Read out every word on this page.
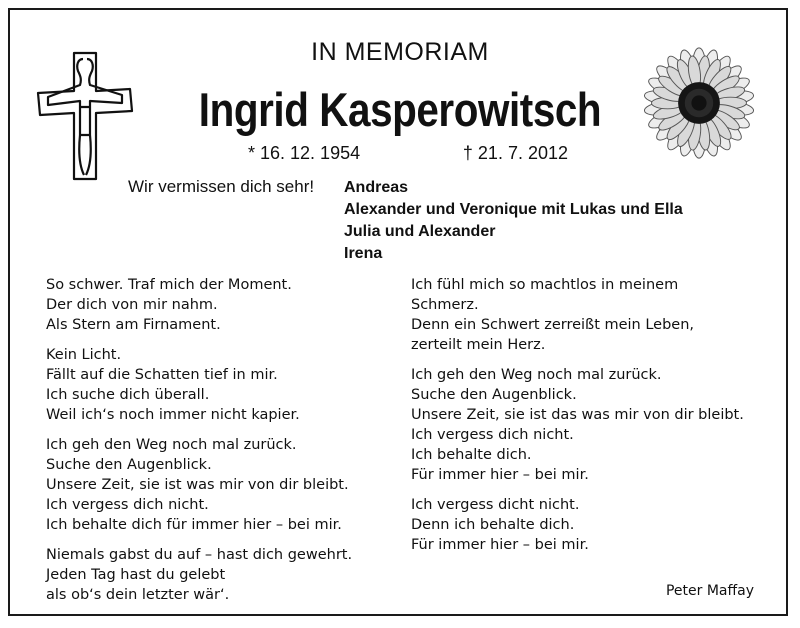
IN MEMORIAM
Ingrid Kasperowitsch
* 16. 12. 1954	† 21. 7. 2012
Wir vermissen dich sehr! Andreas
Alexander und Veronique mit Lukas und Ella
Julia und Alexander
Irena
So schwer. Traf mich der Moment.
Der dich von mir nahm.
Als Stern am Firnament.
Kein Licht.
Fällt auf die Schatten tief in mir.
Ich suche dich überall.
Weil ich‘s noch immer nicht kapier.
Ich geh den Weg noch mal zurück.
Suche den Augenblick.
Unsere Zeit, sie ist was mir von dir bleibt.
Ich vergess dich nicht.
Ich behalte dich für immer hier – bei mir.
Niemals gabst du auf – hast dich gewehrt.
Jeden Tag hast du gelebt
als ob‘s dein letzter wär‘.
Ich fühl mich so machtlos in meinem
Schmerz.
Denn ein Schwert zerreißt mein Leben,
zerteilt mein Herz.
Ich geh den Weg noch mal zurück.
Suche den Augenblick.
Unsere Zeit, sie ist das was mir von dir bleibt.
Ich vergess dich nicht.
Ich behalte dich.
Für immer hier – bei mir.
Ich vergess dicht nicht.
Denn ich behalte dich.
Für immer hier – bei mir.
Peter Maffay
